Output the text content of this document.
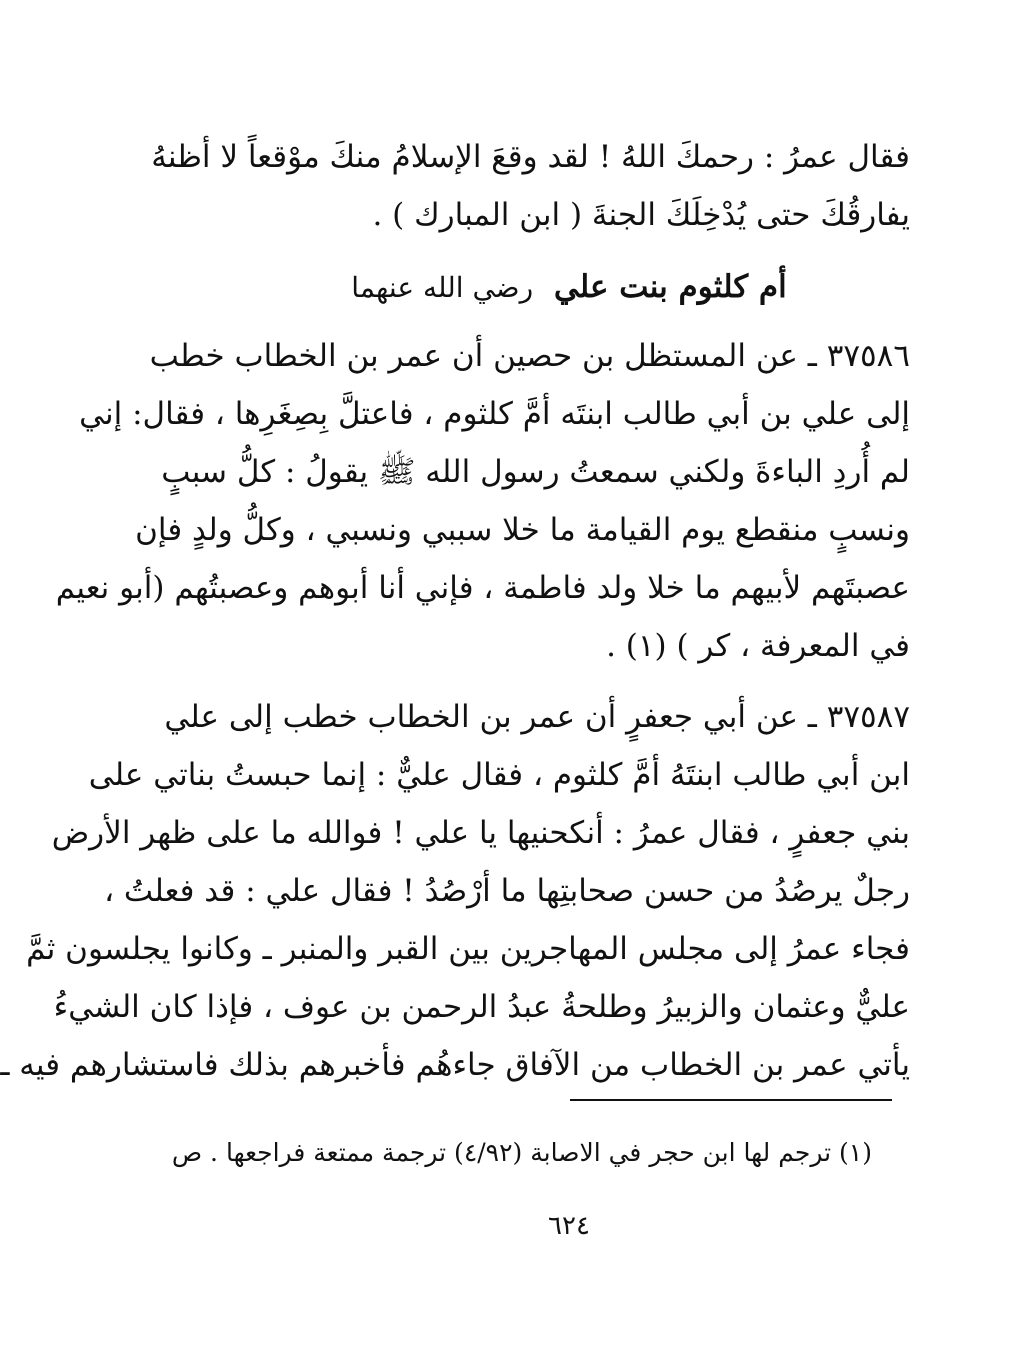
فقال عمرُ : رحمكَ اللهُ ! لقد وقعَ الإسلامُ منكَ موْقعاً لا أظنهُ
يفارقُكَ حتى يُدْخِلَكَ الجنةَ ( ابن المبارك ) .
أم كلثوم بنت علي رضي الله عنهما
٣٧٥٨٦ ـ عن المستظل بن حصين أن عمر بن الخطاب خطب
إلى علي بن أبي طالب ابنتَه أمَّ كلثوم ، فاعتلَّ بِصِغَرِها ، فقال: إني
لم أُردِ الباءةَ ولكني سمعتُ رسول الله ﷺ يقولُ : كلُّ سببٍ
ونسبٍ منقطع يوم القيامة ما خلا سببي ونسبي ، وكلُّ ولدٍ فإن
عصبتَهم لأبيهم ما خلا ولد فاطمة ، فإني أنا أبوهم وعصبتُهم (أبو نعيم
في المعرفة ، كر ) (١) .
٣٧٥٨٧ ـ عن أبي جعفرٍ أن عمر بن الخطاب خطب إلى علي
ابن أبي طالب ابنتَهُ أمَّ كلثوم ، فقال عليٌّ : إنما حبستُ بناتي على
بني جعفرٍ ، فقال عمرُ : أنكحنيها يا علي ! فوالله ما على ظهر الأرض
رجلٌ يرصُدُ من حسن صحابتِها ما أرْصُدُ ! فقال علي : قد فعلتُ ،
فجاء عمرُ إلى مجلس المهاجرين بين القبر والمنبر ـ وكانوا يجلسون ثمَّ
عليٌّ وعثمان والزبيرُ وطلحةُ عبدُ الرحمن بن عوف ، فإذا كان الشيءُ
يأتي عمر بن الخطاب من الآفاق جاءهُم فأخبرهم بذلك فاستشارهم فيه ـ
(١) ترجم لها ابن حجر في الاصابة (٤/٩٢) ترجمة ممتعة فراجعها . ص
٦٢٤
